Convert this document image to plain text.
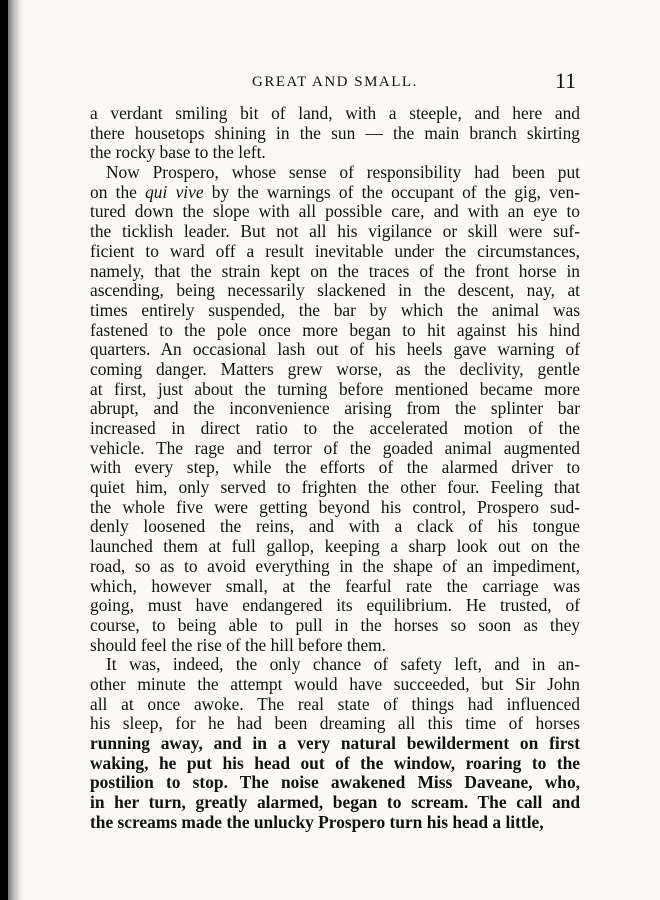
GREAT AND SMALL.	11
a verdant smiling bit of land, with a steeple, and here and
there housetops shining in the sun — the main branch skirting
the rocky base to the left.
Now Prospero, whose sense of responsibility had been put
on the qui vive by the warnings of the occupant of the gig, ven-
tured down the slope with all possible care, and with an eye to
the ticklish leader. But not all his vigilance or skill were suf-
ficient to ward off a result inevitable under the circumstances,
namely, that the strain kept on the traces of the front horse in
ascending, being necessarily slackened in the descent, nay, at
times entirely suspended, the bar by which the animal was
fastened to the pole once more began to hit against his hind
quarters. An occasional lash out of his heels gave warning of
coming danger. Matters grew worse, as the declivity, gentle
at first, just about the turning before mentioned became more
abrupt, and the inconvenience arising from the splinter bar
increased in direct ratio to the accelerated motion of the
vehicle. The rage and terror of the goaded animal augmented
with every step, while the efforts of the alarmed driver to
quiet him, only served to frighten the other four. Feeling that
the whole five were getting beyond his control, Prospero sud-
denly loosened the reins, and with a clack of his tongue
launched them at full gallop, keeping a sharp look out on the
road, so as to avoid everything in the shape of an impediment,
which, however small, at the fearful rate the carriage was
going, must have endangered its equilibrium. He trusted, of
course, to being able to pull in the horses so soon as they
should feel the rise of the hill before them.
It was, indeed, the only chance of safety left, and in an-
other minute the attempt would have succeeded, but Sir John
all at once awoke. The real state of things had influenced
his sleep, for he had been dreaming all this time of horses
running away, and in a very natural bewilderment on first
waking, he put his head out of the window, roaring to the
postilion to stop. The noise awakened Miss Daveane, who,
in her turn, greatly alarmed, began to scream. The call and
the screams made the unlucky Prospero turn his head a little,
